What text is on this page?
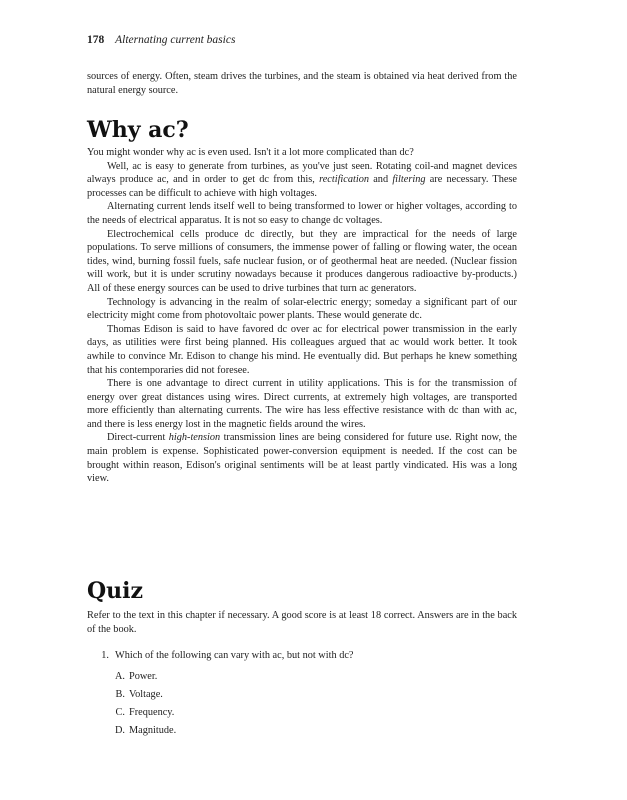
178 Alternating current basics

sources of energy. Often, steam drives the turbines, and the steam is obtained via heat derived from the natural energy source.

Why ac?

You might wonder why ac is even used. Isn't it a lot more complicated than dc?

Well, ac is easy to generate from turbines, as you've just seen. Rotating coil-and magnet devices always produce ac, and in order to get dc from this, rectification and filtering are necessary. These processes can be difficult to achieve with high voltages.

Alternating current lends itself well to being transformed to lower or higher voltages, according to the needs of electrical apparatus. It is not so easy to change dc voltages.

Electrochemical cells produce dc directly, but they are impractical for the needs of large populations. To serve millions of consumers, the immense power of falling or flowing water, the ocean tides, wind, burning fossil fuels, safe nuclear fusion, or of geothermal heat are needed. (Nuclear fission will work, but it is under scrutiny nowadays because it produces dangerous radioactive by-products.) All of these energy sources can be used to drive turbines that turn ac generators.

Technology is advancing in the realm of solar-electric energy; someday a significant part of our electricity might come from photovoltaic power plants. These would generate dc.

Thomas Edison is said to have favored dc over ac for electrical power transmission in the early days, as utilities were first being planned. His colleagues argued that ac would work better. It took awhile to convince Mr. Edison to change his mind. He eventually did. But perhaps he knew something that his contemporaries did not foresee.

There is one advantage to direct current in utility applications. This is for the transmission of energy over great distances using wires. Direct currents, at extremely high voltages, are transported more efficiently than alternating currents. The wire has less effective resistance with dc than with ac, and there is less energy lost in the magnetic fields around the wires.

Direct-current high-tension transmission lines are being considered for future use. Right now, the main problem is expense. Sophisticated power-conversion equipment is needed. If the cost can be brought within reason, Edison's original sentiments will be at least partly vindicated. His was a long view.

Quiz

Refer to the text in this chapter if necessary. A good score is at least 18 correct. Answers are in the back of the book.

1. Which of the following can vary with ac, but not with dc?
A. Power.
B. Voltage.
C. Frequency.
D. Magnitude.
